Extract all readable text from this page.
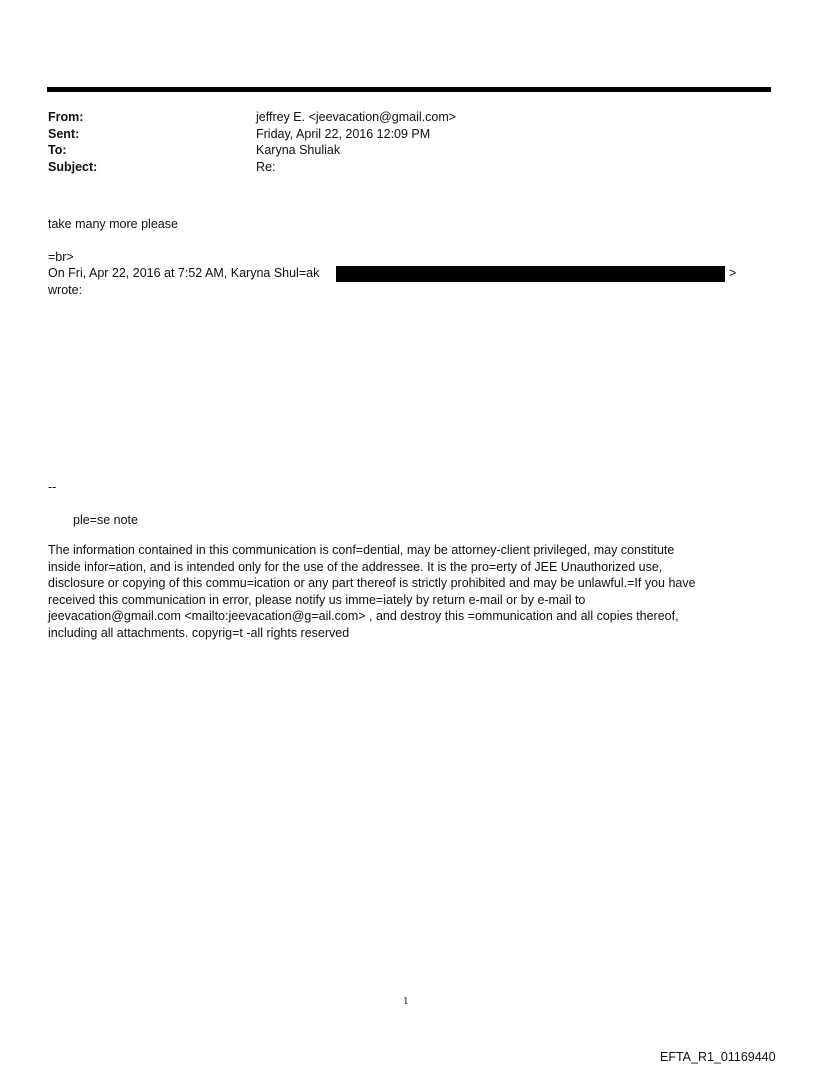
From:	jeffrey E. <jeevacation@gmail.com>
Sent:	Friday, April 22, 2016 12:09 PM
To:	Karyna Shuliak
Subject:	Re:
take many more please
=br>
On Fri, Apr 22, 2016 at 7:52 AM, Karyna Shul=ak	>
wrote:
--
ple=se note
The information contained in this communication is conf=dential, may be attorney-client privileged, may constitute
inside infor=ation, and is intended only for the use of the addressee. It is the pro=erty of JEE Unauthorized use,
disclosure or copying of this commu=ication or any part thereof is strictly prohibited and may be unlawful.=If you have
received this communication in error, please notify us imme=iately by return e-mail or by e-mail to
jeevacation@gmail.com <mailto:jeevacation@g=ail.com> , and destroy this =ommunication and all copies thereof,
including all attachments. copyrig=t -all rights reserved
1
EFTA_R1_01169440
